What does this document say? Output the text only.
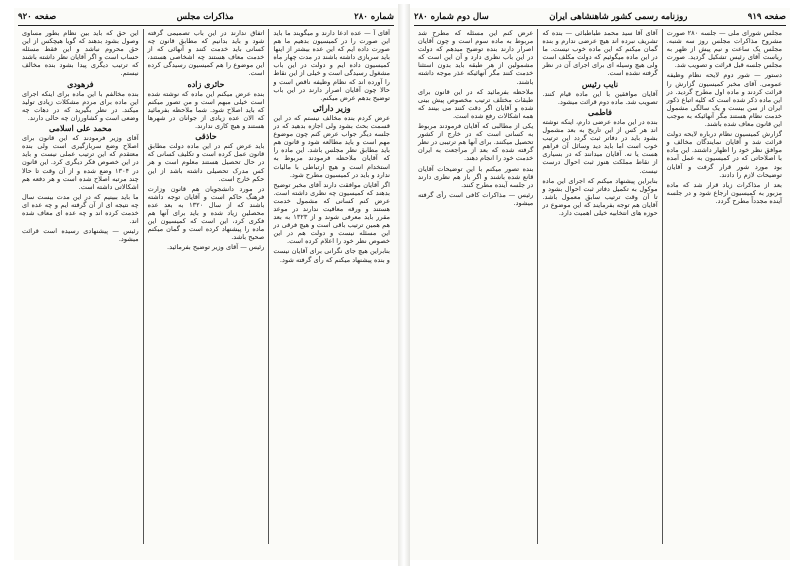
شماره ۲۸۰
مذاکرات مجلس
صفحه ۹۲۰

آقای آ — عده ادعا دارند و میگویند ما باید این صورت را در کمیسیون بدهیم ما هم صورت داده ایم که این عده بیشتر از اینها باید سربازی داشته باشند در مدت چهار ماه کمیسیون داده ایم و دولت در این باب مشغول رسیدگی است و خیلی از این نقاط را آورده اند که نظام وظیفه ناقص است و حالا چون آقایان اصرار دارند در این باب توضیح بدهم عرض میکنم.

وزیر دارائی

عرض کردم بنده مخالف نیستم که در این قسمت بحث بشود ولی اجازه بدهید که در جلسه دیگر جواب عرض کنم چون موضوع مهم است و باید مطالعه شود و قانون هم باید مطابق نظر مجلس باشد. این ماده را که آقایان ملاحظه فرمودند مربوط به استخدام است و هیچ ارتباطی با مالیات ندارد و باید در کمیسیون مطرح شود.

اگر آقایان موافقت دارند آقای مخبر توضیح بدهند که کمیسیون چه نظری داشته است. عرض کنم کسانی که مشمول خدمت هستند و ورقه معافیت ندارند در موعد مقرر باید معرفی شوند و از ۱۳۲۳ به بعد هم همین ترتیب باقی است و هیچ فرقی در این مسئله نیست و دولت هم در این خصوص نظر خود را اعلام کرده است.

بنابراین هیچ جای نگرانی برای آقایان نیست و بنده پیشنهاد میکنم که رأی گرفته شود.

اتفاق ندارند در این باب تصمیمی گرفته شود و باید بدانیم که مطابق قانون چه کسانی باید خدمت کنند و آنهائی که از خدمت معاف هستند چه اشخاصی هستند، این موضوع را هم کمیسیون رسیدگی کرده است.

حائری زاده

بنده عرض میکنم این ماده که نوشته شده است خیلی مبهم است و من تصور میکنم که باید اصلاح شود. شما ملاحظه بفرمائید که الان عده زیادی از جوانان در شهرها هستند و هیچ کاری ندارند.

حاذقی

باید عرض کنم در این ماده دولت مطابق قانون عمل کرده است و تکلیف کسانی که در حال تحصیل هستند معلوم است و هر کس مدرک تحصیلی داشته باشد از این حکم خارج است.

در مورد دانشجویان هم قانون وزارت فرهنگ حاکم است و آقایان توجه داشته باشند که از سال ۱۳۲۰ به بعد عده محصلین زیاد شده و باید برای آنها هم فکری کرد، این است که کمیسیون این ماده را پیشنهاد کرده است و گمان میکنم صحیح باشد.

رئیس — آقای وزیر توضیح بفرمائید.

این حق که باید بین نظام بطور مساوی وصول بشود بدهند که گویا هیچکس از این حق محروم نباشد و این فقط مسئله حساب است و اگر آقایان نظر داشته باشند که ترتیب دیگری پیدا بشود بنده مخالف نیستم.

فرهودی

بنده مخالفم با این ماده برای اینکه اجرای این ماده برای مردم مشکلات زیادی تولید میکند. در نظر بگیرید که در دهات چه وضعی است و کشاورزان چه حالی دارند.

محمد علی اسلامی

آقای وزیر فرمودند که این قانون برای اصلاح وضع سربازگیری است ولی بنده معتقدم که این ترتیب عملی نیست و باید در این خصوص فکر دیگری کرد. این قانون در ۱۳۰۴ وضع شده و از آن وقت تا حالا چند مرتبه اصلاح شده است و هر دفعه هم اشکالاتی داشته است.

ما باید ببینیم که در این مدت بیست سال چه نتیجه ای از آن گرفته ایم و چه عده ای خدمت کرده اند و چه عده ای معاف شده اند.

رئیس — پیشنهادی رسیده است قرائت میشود.

صفحه ۹۱۹
روزنامه رسمی کشور شاهنشاهی ایران
سال دوم شماره ۲۸۰

مجلس شورای ملی — جلسه ۲۸۰ صورت مشروح مذاکرات مجلس روز سه شنبه. مجلس یک ساعت و نیم پیش از ظهر به ریاست آقای رئیس تشکیل گردید. صورت مجلس جلسه قبل قرائت و تصویب شد.

دستور — شور دوم لایحه نظام وظیفه عمومی. آقای مخبر کمیسیون گزارش را قرائت کردند و ماده اول مطرح گردید. در این ماده ذکر شده است که کلیه اتباع ذکور ایران از سن بیست و یک سالگی مشمول خدمت نظام هستند مگر آنهائیکه به موجب این قانون معاف شده باشند.

گزارش کمیسیون نظام درباره لایحه دولت قرائت شد و آقایان نمایندگان مخالف و موافق نظر خود را اظهار داشتند. این ماده با اصلاحاتی که در کمیسیون به عمل آمده بود مورد شور قرار گرفت و آقایان توضیحات لازم را دادند.

بعد از مذاکرات زیاد قرار شد که ماده مزبور به کمیسیون ارجاع شود و در جلسه آینده مجدداً مطرح گردد.

آقای آقا سید محمد طباطبائی — بنده که تشریف نبرده اند هیچ عرضی ندارم و بنده گمان میکنم که این ماده خوب نیست. ما در این ماده میگوئیم که دولت مکلف است ولی هیچ وسیله ای برای اجرای آن در نظر گرفته نشده است.

نایب رئیس

آقایان موافقین با این ماده قیام کنند. تصویب شد. ماده دوم قرائت میشود.

فاطمی

بنده در این ماده عرضی دارم، اینکه نوشته اند هر کس از این تاریخ به بعد مشمول بشود باید در دفاتر ثبت گردد این ترتیب خوب است اما باید دید وسائل آن فراهم هست یا نه. آقایان میدانند که در بسیاری از نقاط مملکت هنوز ثبت احوال درست نیست.

بنابراین پیشنهاد میکنم که اجرای این ماده موکول به تکمیل دفاتر ثبت احوال بشود و تا آن وقت ترتیب سابق معمول باشد. آقایان هم توجه بفرمایند که این موضوع در حوزه های انتخابیه خیلی اهمیت دارد.

عرض کنم این مسئله که مطرح شد مربوط به ماده سوم است و چون آقایان اصرار دارند بنده توضیح میدهم که دولت در این باب نظری دارد و آن این است که مشمولین از هر طبقه باید بدون استثنا خدمت کنند مگر آنهائیکه عذر موجه داشته باشند.

ملاحظه بفرمائید که در این قانون برای طبقات مختلف ترتیب مخصوص پیش بینی شده و آقایان اگر دقت کنند می بینند که همه اشکالات رفع شده است.

یکی از مطالبی که آقایان فرمودند مربوط به کسانی است که در خارج از کشور تحصیل میکنند. برای آنها هم ترتیبی در نظر گرفته شده که بعد از مراجعت به ایران خدمت خود را انجام دهند.

بنده تصور میکنم با این توضیحات آقایان قانع شده باشند و اگر باز هم نظری دارند در جلسه آینده مطرح کنند.

رئیس — مذاکرات کافی است رأی گرفته میشود.
